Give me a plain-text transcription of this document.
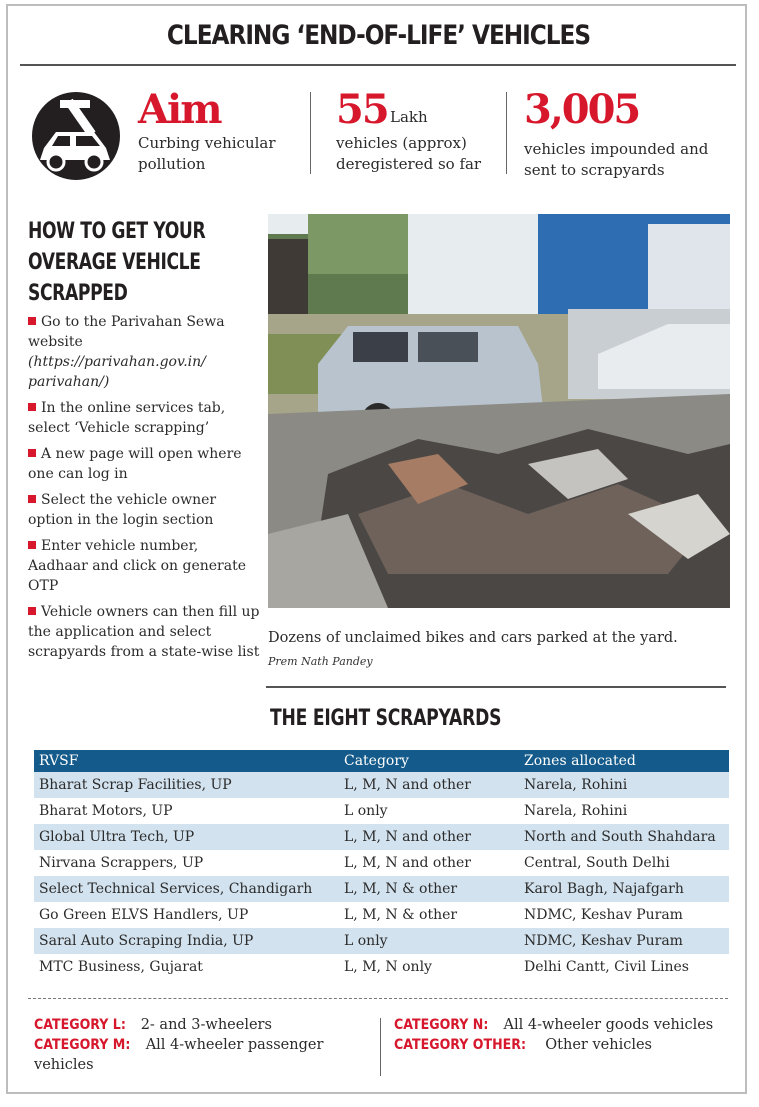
CLEARING ‘END-OF-LIFE’ VEHICLES
Aim
Curbing vehicular pollution
55 Lakh
vehicles (approx) deregistered so far
3,005
vehicles impounded and sent to scrapyards
HOW TO GET YOUR OVERAGE VEHICLE SCRAPPED
Go to the Parivahan Sewa website
(https://parivahan.gov.in/ parivahan/)
In the online services tab, select ‘Vehicle scrapping’
A new page will open where one can log in
Select the vehicle owner option in the login section
Enter vehicle number, Aadhaar and click on generate OTP
Vehicle owners can then fill up the application and select scrapyards from a state-wise list
Dozens of unclaimed bikes and cars parked at the yard.
Prem Nath Pandey
THE EIGHT SCRAPYARDS
RVSF	Category	Zones allocated
Bharat Scrap Facilities, UP	L, M, N and other	Narela, Rohini
Bharat Motors, UP	L only	Narela, Rohini
Global Ultra Tech, UP	L, M, N and other	North and South Shahdara
Nirvana Scrappers, UP	L, M, N and other	Central, South Delhi
Select Technical Services, Chandigarh	L, M, N & other	Karol Bagh, Najafgarh
Go Green ELVS Handlers, UP	L, M, N & other	NDMC, Keshav Puram
Saral Auto Scraping India, UP	L only	NDMC, Keshav Puram
MTC Business, Gujarat	L, M, N only	Delhi Cantt, Civil Lines
CATEGORY L: 2- and 3-wheelers
CATEGORY M: All 4-wheeler passenger vehicles
CATEGORY N: All 4-wheeler goods vehicles
CATEGORY OTHER: Other vehicles
